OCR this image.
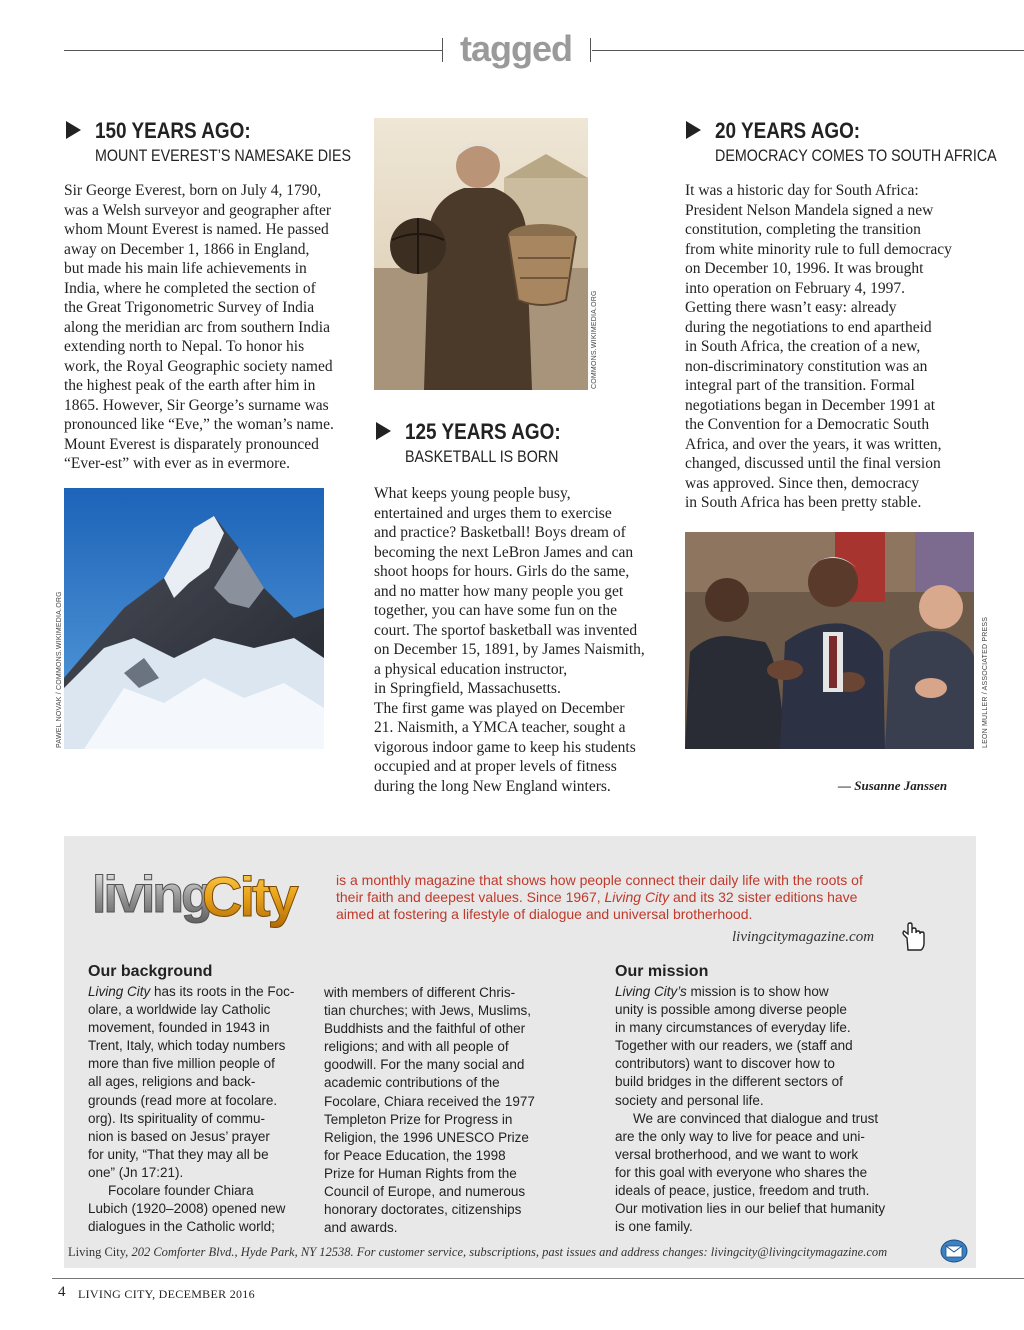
tagged
150 YEARS AGO:
MOUNT EVEREST’S NAMESAKE DIES

Sir George Everest, born on July 4, 1790,

was a Welsh surveyor and geographer after

whom Mount Everest is named. He passed

away on December 1, 1866 in England,

but made his main life achievements in

India, where he completed the section of

the Great Trigonometric Survey of India

along the meridian arc from southern India

extending north to Nepal. To honor his

work, the Royal Geographic society named

the highest peak of the earth after him in

1865. However, Sir George’s surname was

pronounced like “Eve,” the woman’s name.

Mount Everest is disparately pronounced

“Ever-est” with ever as in evermore.

PAWEL NOVAK / COMMONS.WIKIMEDIA.ORG
COMMONS.WIKIMEDIA.ORG
125 YEARS AGO:
BASKETBALL IS BORN

What keeps young people busy,

entertained and urges them to exercise

and practice? Basketball! Boys dream of

becoming the next LeBron James and can

shoot hoops for hours. Girls do the same,

and no matter how many people you get

together, you can have some fun on the

court. The sportof basketball was invented

on December 15, 1891, by James Naismith,

a physical education instructor,

in Springfield, Massachusetts.

The first game was played on December

21. Naismith, a YMCA teacher, sought a

vigorous indoor game to keep his students

occupied and at proper levels of fitness

during the long New England winters.

20 YEARS AGO:
DEMOCRACY COMES TO SOUTH AFRICA

It was a historic day for South Africa:

President Nelson Mandela signed a new

constitution, completing the transition

from white minority rule to full democracy

on December 10, 1996. It was brought

into operation on February 4, 1997.

Getting there wasn’t easy: already

during the negotiations to end apartheid

in South Africa, the creation of a new,

non-discriminatory constitution was an

integral part of the transition. Formal

negotiations began in December 1991 at

the Convention for a Democratic South

Africa, and over the years, it was written,

changed, discussed until the final version

was approved. Since then, democracy

in South Africa has been pretty stable.

LEON MULLER / ASSOCIATED PRESS
— Susanne Janssen
living
City	is a monthly magazine that shows how people connect their daily life with the roots of

their faith and deepest values. Since 1967, Living City and its 32 sister editions have

aimed at fostering a lifestyle of dialogue and universal brotherhood.

livingcitymagazine.com
Our background

Living City has its roots in the Foc-

olare, a worldwide lay Catholic

movement, founded in 1943 in

Trent, Italy, which today numbers

more than five million people of

all ages, religions and back-

grounds (read more at focolare.

org). Its spirituality of commu-

nion is based on Jesus’ prayer

for unity, “That they may all be

one” (Jn 17:21).

Focolare founder Chiara

Lubich (1920–2008) opened new

dialogues in the Catholic world;

with members of different Chris-

tian churches; with Jews, Muslims,

Buddhists and the faithful of other

religions; and with all people of

goodwill. For the many social and

academic contributions of the

Focolare, Chiara received the 1977

Templeton Prize for Progress in

Religion, the 1996 UNESCO Prize

for Peace Education, the 1998

Prize for Human Rights from the

Council of Europe, and numerous

honorary doctorates, citizenships

and awards.

Our mission

Living City’s mission is to show how

unity is possible among diverse people

in many circumstances of everyday life.

Together with our readers, we (staff and

contributors) want to discover how to

build bridges in the different sectors of

society and personal life.

We are convinced that dialogue and trust

are the only way to live for peace and uni-

versal brotherhood, and we want to work

for this goal with everyone who shares the

ideals of peace, justice, freedom and truth.

Our motivation lies in our belief that humanity

is one family.

Living City, 202 Comforter Blvd., Hyde Park, NY 12538. For customer service, subscriptions, past issues and address changes: livingcity@livingcitymagazine.com
4 LIVING CITY, DECEMBER 2016
